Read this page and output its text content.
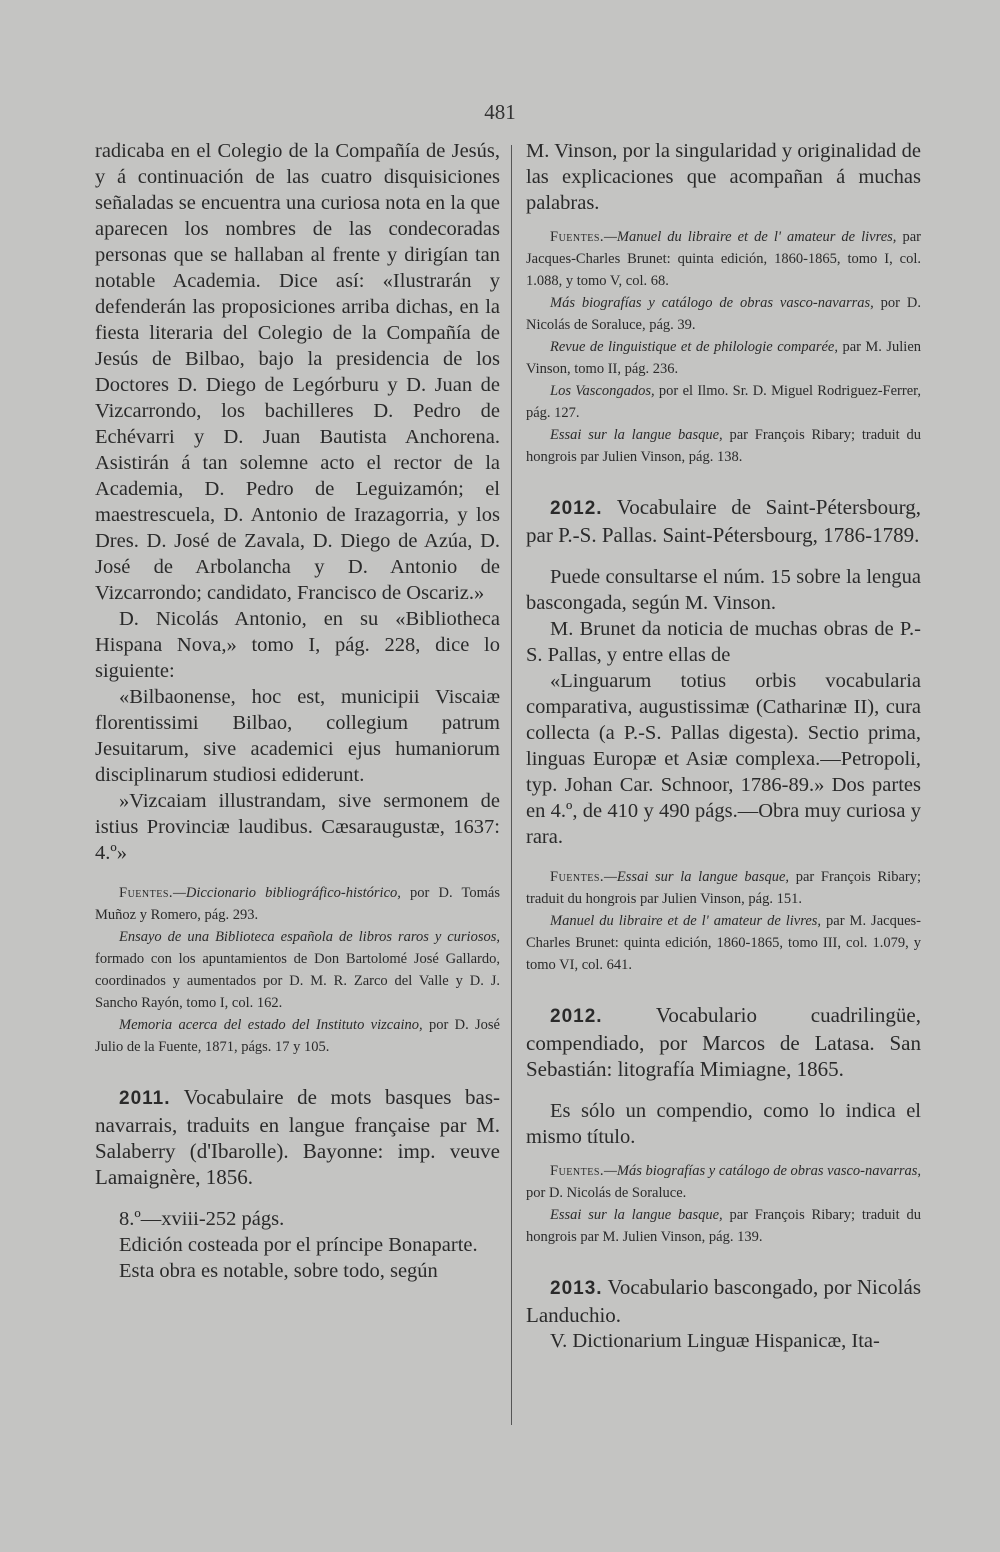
481

radicaba en el Colegio de la Compañía de Jesús, y á continuación de las cuatro disquisiciones señaladas se encuentra una curiosa nota en la que aparecen los nombres de las condecoradas personas que se hallaban al frente y dirigían tan notable Academia. Dice así: «Ilustrarán y defenderán las proposiciones arriba dichas, en la fiesta literaria del Colegio de la Compañía de Jesús de Bilbao, bajo la presidencia de los Doctores D. Diego de Legórburu y D. Juan de Vizcarrondo, los bachilleres D. Pedro de Echévarri y D. Juan Bautista Anchorena. Asistirán á tan solemne acto el rector de la Academia, D. Pedro de Leguizamón; el maestrescuela, D. Antonio de Irazagorria, y los Dres. D. José de Zavala, D. Diego de Azúa, D. José de Arbolancha y D. Antonio de Vizcarrondo; candidato, Francisco de Oscariz.»

D. Nicolás Antonio, en su «Bibliotheca Hispana Nova,» tomo I, pág. 228, dice lo siguiente:

«Bilbaonense, hoc est, municipii Viscaiæ florentissimi Bilbao, collegium patrum Jesuitarum, sive academici ejus humaniorum disciplinarum studiosi ediderunt.

»Vizcaiam illustrandam, sive sermonem de istius Provinciæ laudibus. Cæsaraugustæ, 1637: 4.º»

Fuentes.—Diccionario bibliográfico-histórico, por D. Tomás Muñoz y Romero, pág. 293.

Ensayo de una Biblioteca española de libros raros y curiosos, formado con los apuntamientos de Don Bartolomé José Gallardo, coordinados y aumentados por D. M. R. Zarco del Valle y D. J. Sancho Rayón, tomo I, col. 162.

Memoria acerca del estado del Instituto vizcaino, por D. José Julio de la Fuente, 1871, págs. 17 y 105.

2011. Vocabulaire de mots basques bas-navarrais, traduits en langue française par M. Salaberry (d'Ibarolle). Bayonne: imp. veuve Lamaignère, 1856.

8.º—xviii-252 págs.

Edición costeada por el príncipe Bonaparte.

Esta obra es notable, sobre todo, según

M. Vinson, por la singularidad y originalidad de las explicaciones que acompañan á muchas palabras.

Fuentes.—Manuel du libraire et de l' amateur de livres, par Jacques-Charles Brunet: quinta edición, 1860-1865, tomo I, col. 1.088, y tomo V, col. 68.

Más biografías y catálogo de obras vasco-navarras, por D. Nicolás de Soraluce, pág. 39.

Revue de linguistique et de philologie comparée, par M. Julien Vinson, tomo II, pág. 236.

Los Vascongados, por el Ilmo. Sr. D. Miguel Rodriguez-Ferrer, pág. 127.

Essai sur la langue basque, par François Ribary; traduit du hongrois par Julien Vinson, pág. 138.

2012. Vocabulaire de Saint-Pétersbourg, par P.-S. Pallas. Saint-Pétersbourg, 1786-1789.

Puede consultarse el núm. 15 sobre la lengua bascongada, según M. Vinson.

M. Brunet da noticia de muchas obras de P.-S. Pallas, y entre ellas de

«Linguarum totius orbis vocabularia comparativa, augustissimæ (Catharinæ II), cura collecta (a P.-S. Pallas digesta). Sectio prima, linguas Europæ et Asiæ complexa.—Petropoli, typ. Johan Car. Schnoor, 1786-89.» Dos partes en 4.º, de 410 y 490 págs.—Obra muy curiosa y rara.

Fuentes.—Essai sur la langue basque, par François Ribary; traduit du hongrois par Julien Vinson, pág. 151.

Manuel du libraire et de l' amateur de livres, par M. Jacques-Charles Brunet: quinta edición, 1860-1865, tomo III, col. 1.079, y tomo VI, col. 641.

2012. Vocabulario cuadrilingüe, compendiado, por Marcos de Latasa. San Sebastián: litografía Mimiagne, 1865.

Es sólo un compendio, como lo indica el mismo título.

Fuentes.—Más biografías y catálogo de obras vasco-navarras, por D. Nicolás de Soraluce.

Essai sur la langue basque, par François Ribary; traduit du hongrois par M. Julien Vinson, pág. 139.

2013. Vocabulario bascongado, por Nicolás Landuchio.

V. Dictionarium Linguæ Hispanicæ, Ita-
